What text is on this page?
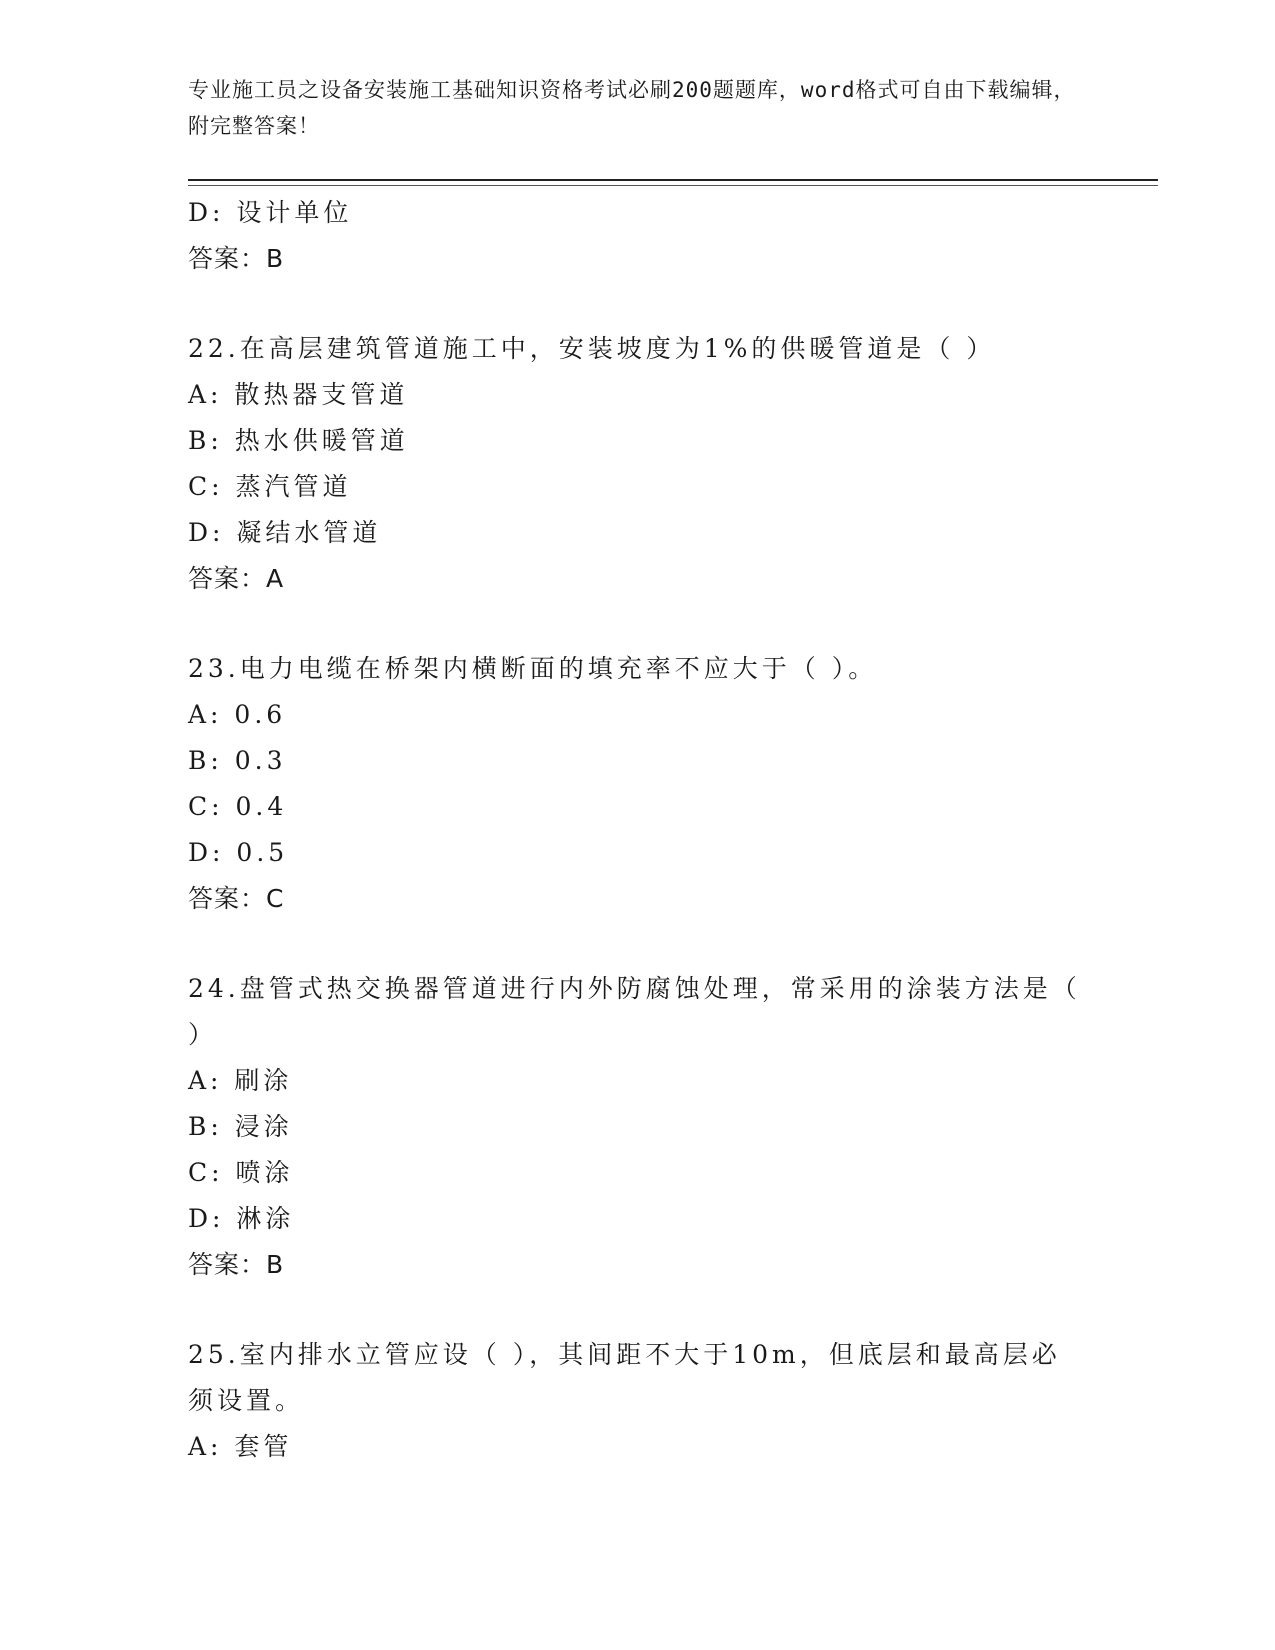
专业施工员之设备安装施工基础知识资格考试必刷200题题库，word格式可自由下载编辑，附完整答案！
D: 设计单位
答案：B
22.在高层建筑管道施工中，安装坡度为1%的供暖管道是（ ）
A: 散热器支管道
B: 热水供暖管道
C: 蒸汽管道
D: 凝结水管道
答案：A
23.电力电缆在桥架内横断面的填充率不应大于（ ）。
A: 0.6
B: 0.3
C: 0.4
D: 0.5
答案：C
24.盘管式热交换器管道进行内外防腐蚀处理，常采用的涂装方法是（ ）
A: 刷涂
B: 浸涂
C: 喷涂
D: 淋涂
答案：B
25.室内排水立管应设（ ），其间距不大于10m，但底层和最高层必须设置。
A: 套管
